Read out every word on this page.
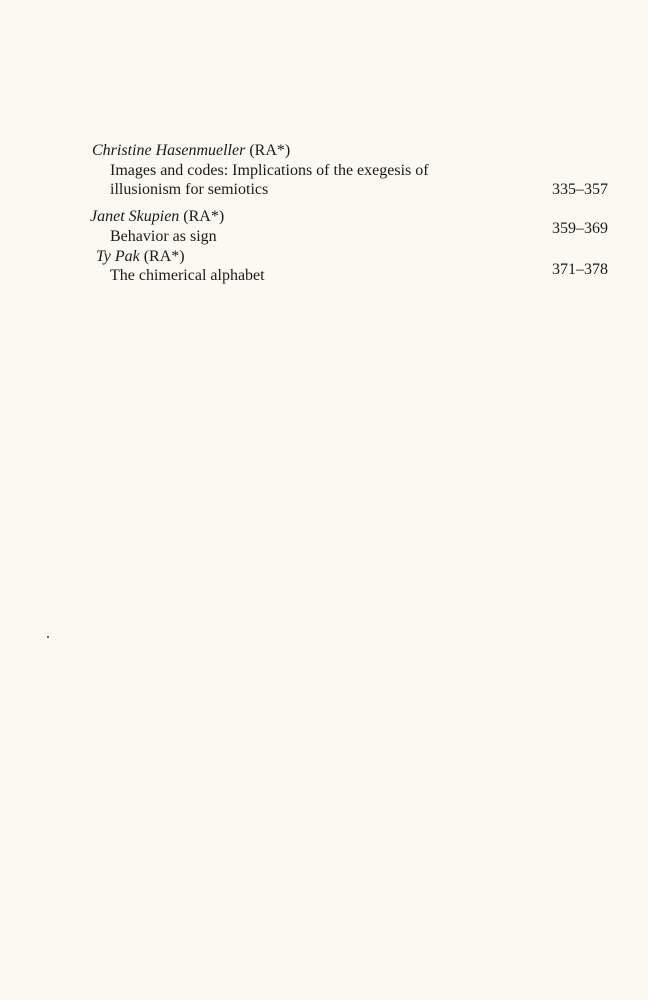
Christine Hasenmueller (RA*)
Images and codes: Implications of the exegesis of
illusionism for semiotics	335–357
Janet Skupien (RA*)
Behavior as sign	359–369
Ty Pak (RA*)
The chimerical alphabet	371–378
